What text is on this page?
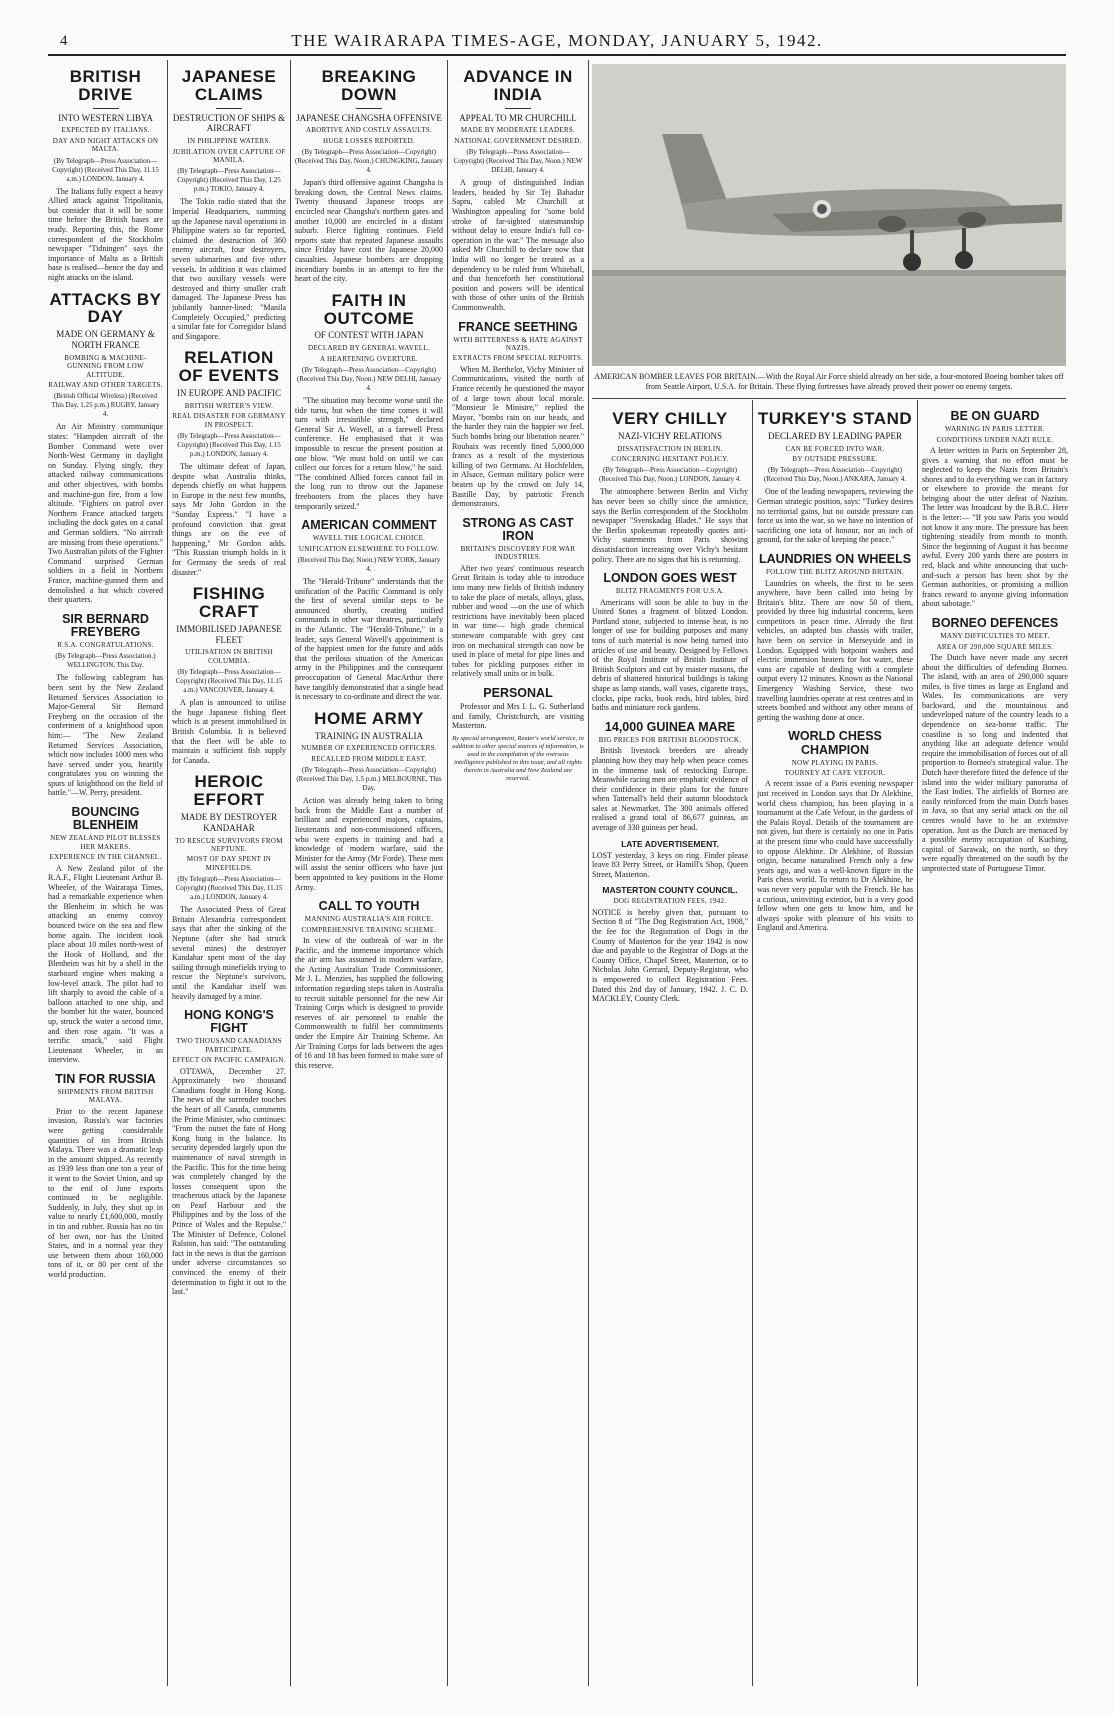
4	THE WAIRARAPA TIMES-AGE, MONDAY, JANUARY 5, 1942.
BRITISH DRIVE
INTO WESTERN LIBYA
EXPECTED BY ITALIANS.
DAY AND NIGHT ATTACKS ON MALTA.
(By Telegraph—Press Association—Copyright) (Received This Day, 11.15 a.m.) LONDON, January 4.
The Italians fully expect a heavy Allied attack against Tripolitania, but consider that it will be some time before the British bases are ready. Reporting this, the Rome correspondent of the Stockholm newspaper "Tidningen" says the importance of Malta as a British base is realised—hence the day and night attacks on the island.
ATTACKS BY DAY
MADE ON GERMANY & NORTH FRANCE
BOMBING & MACHINE-GUNNING FROM LOW ALTITUDE.
RAILWAY AND OTHER TARGETS.
(British Official Wireless) (Received This Day, 1.25 p.m.) RUGBY, January 4.
An Air Ministry communique states: "Hampden aircraft of the Bomber Command were over North-West Germany in daylight on Sunday. Flying singly, they attacked railway communications and other objectives, with bombs and machine-gun fire, from a low altitude. "Fighters on patrol over Northern France attacked targets including the dock gates on a canal and German soldiers. "No aircraft are missing from these operations." Two Australian pilots of the Fighter Command surprised German soldiers in a field in Northern France, machine-gunned them and demolished a hut which covered their quarters.
SIR BERNARD FREYBERG
R.S.A. CONGRATULATIONS.
(By Telegraph—Press Association.) WELLINGTON, This Day.
The following cablegram has been sent by the New Zealand Returned Services Association to Major-General Sir Bernard Freyberg on the occasion of the conferment of a knighthood upon him:— "The New Zealand Returned Services Association, which now includes 1000 men who have served under you, heartily congratulates you on winning the spurs of knighthood on the field of battle."—W. Perry, president.
BOUNCING BLENHEIM
NEW ZEALAND PILOT BLESSES HER MAKERS.
EXPERIENCE IN THE CHANNEL.
A New Zealand pilot of the R.A.F., Flight Lieutenant Arthur B. Wheeler, of the Wairarapa Times, had a remarkable experience when the Blenheim in which he was attacking an enemy convoy bounced twice on the sea and flew home again. The incident took place about 10 miles north-west of the Hook of Holland, and the Blenheim was hit by a shell in the starboard engine when making a low-level attack. The pilot had to lift sharply to avoid the cable of a balloon attached to one ship, and the bomber hit the water, bounced up, struck the water a second time, and then rose again. "It was a terrific smack," said Flight Lieutenant Wheeler, in an interview.
TIN FOR RUSSIA
SHIPMENTS FROM BRITISH MALAYA.
Prior to the recent Japanese invasion, Russia's war factories were getting considerable quantities of tin from British Malaya. There was a dramatic leap in the amount shipped. As recently as 1939 less than one ton a year of it went to the Soviet Union, and up to the end of June exports continued to be negligible. Suddenly, in July, they shot up in value to nearly £1,600,000, mostly in tin and rubber. Russia has no tin of her own, nor has the United States, and in a normal year they use between them about 160,000 tons of it, or 80 per cent of the world production.
JAPANESE CLAIMS
DESTRUCTION OF SHIPS & AIRCRAFT
IN PHILIPPINE WATERS.
JUBILATION OVER CAPTURE OF MANILA.
(By Telegraph—Press Association—Copyright) (Received This Day, 1.25 p.m.) TOKIO, January 4.
The Tokio radio stated that the Imperial Headquarters, summing up the Japanese naval operations in Philippine waters so far reported, claimed the destruction of 360 enemy aircraft, four destroyers, seven submarines and five other vessels. In addition it was claimed that two auxiliary vessels were destroyed and thirty smaller craft damaged. The Japanese Press has jubilantly banner-lined: "Manila Completely Occupied," predicting a similar fate for Corregidor Island and Singapore.
RELATION OF EVENTS
IN EUROPE AND PACIFIC
BRITISH WRITER'S VIEW.
REAL DISASTER FOR GERMANY IN PROSPECT.
(By Telegraph—Press Association—Copyright) (Received This Day, 1.15 p.m.) LONDON, January 4.
The ultimate defeat of Japan, despite what Australia thinks, depends chiefly on what happens in Europe in the next few months, says Mr John Gordon in the "Sunday Express." "I have a profound conviction that great things are on the eve of happening," Mr Gordon adds. "This Russian triumph holds in it for Germany the seeds of real disaster."
FISHING CRAFT
IMMOBILISED JAPANESE FLEET
UTILISATION IN BRITISH COLUMBIA.
(By Telegraph—Press Association—Copyright) (Received This Day, 11.15 a.m.) VANCOUVER, January 4.
A plan is announced to utilise the huge Japanese fishing fleet which is at present immobilised in British Columbia. It is believed that the fleet will be able to maintain a sufficient fish supply for Canada.
HEROIC EFFORT
MADE BY DESTROYER KANDAHAR
TO RESCUE SURVIVORS FROM NEPTUNE.
MOST OF DAY SPENT IN MINEFIELDS.
(By Telegraph—Press Association—Copyright) (Received This Day, 11.15 a.m.) LONDON, January 4.
The Associated Press of Great Britain Alexandria correspondent says that after the sinking of the Neptune (after she had struck several mines) the destroyer Kandahar spent most of the day sailing through minefields trying to rescue the Neptune's survivors, until the Kandahar itself was heavily damaged by a mine.
HONG KONG'S FIGHT
TWO THOUSAND CANADIANS PARTICIPATE.
EFFECT ON PACIFIC CAMPAIGN.
OTTAWA, December 27. Approximately two thousand Canadians fought in Hong Kong. The news of the surrender touches the heart of all Canada, comments the Prime Minister, who continues: "From the outset the fate of Hong Kong hung in the balance. Its security depended largely upon the maintenance of naval strength in the Pacific. This for the time being was completely changed by the losses consequent upon the treacherous attack by the Japanese on Pearl Harbour and the Philippines and by the loss of the Prince of Wales and the Repulse." The Minister of Defence, Colonel Ralston, has said: "The outstanding fact in the news is that the garrison under adverse circumstances so convinced the enemy of their determination to fight it out to the last."
BREAKING DOWN
JAPANESE CHANGSHA OFFENSIVE
ABORTIVE AND COSTLY ASSAULTS.
HUGE LOSSES REPORTED.
(By Telegraph—Press Association—Copyright) (Received This Day, Noon.) CHUNGKING, January 4.
Japan's third offensive against Changsha is breaking down, the Central News claims. Twenty thousand Japanese troops are encircled near Changsha's northern gates and another 10,000 are encircled in a distant suburb. Fierce fighting continues. Field reports state that repeated Japanese assaults since Friday have cost the Japanese 20,000 casualties. Japanese bombers are dropping incendiary bombs in an attempt to fire the heart of the city.
FAITH IN OUTCOME
OF CONTEST WITH JAPAN
DECLARED BY GENERAL WAVELL.
A HEARTENING OVERTURE.
(By Telegraph—Press Association—Copyright) (Received This Day, Noon.) NEW DELHI, January 4.
"The situation may become worse until the tide turns, but when the time comes it will turn with irresistible strength," declared General Sir A. Wavell, at a farewell Press conference. He emphasised that it was impossible to rescue the present position at one blow. "We must hold on until we can collect our forces for a return blow," he said. "The combined Allied forces cannot fail in the long run to throw out the Japanese freebooters from the places they have temporarily seized."
AMERICAN COMMENT
WAVELL THE LOGICAL CHOICE.
UNIFICATION ELSEWHERE TO FOLLOW.
(Received This Day, Noon.) NEW YORK, January 4.
The "Herald-Tribune" understands that the unification of the Pacific Command is only the first of several similar steps to be announced shortly, creating unified commands in other war theatres, particularly in the Atlantic. The "Herald-Tribune," in a leader, says General Wavell's appointment is of the happiest omen for the future and adds that the perilous situation of the American army in the Philippines and the consequent preoccupation of General MacArthur there have tangibly demonstrated that a single head is necessary to co-ordinate and direct the war.
HOME ARMY
TRAINING IN AUSTRALIA
NUMBER OF EXPERIENCED OFFICERS.
RECALLED FROM MIDDLE EAST.
(By Telegraph—Press Association—Copyright) (Received This Day, 1.5 p.m.) MELBOURNE, This Day.
Action was already being taken to bring back from the Middle East a number of brilliant and experienced majors, captains, lieutenants and non-commissioned officers, who were experts in training and had a knowledge of modern warfare, said the Minister for the Army (Mr Forde). These men will assist the senior officers who have just been appointed to key positions in the Home Army.
CALL TO YOUTH
MANNING AUSTRALIA'S AIR FORCE.
COMPREHENSIVE TRAINING SCHEME.
In view of the outbreak of war in the Pacific, and the immense importance which the air arm has assumed in modern warfare, the Acting Australian Trade Commissioner, Mr J. L. Menzies, has supplied the following information regarding steps taken in Australia to recruit suitable personnel for the new Air Training Corps which is designed to provide reserves of air personnel to enable the Commonwealth to fulfil her commitments under the Empire Air Training Scheme. An Air Training Corps for lads between the ages of 16 and 18 has been formed to make sure of this reserve.
ADVANCE IN INDIA
APPEAL TO MR CHURCHILL
MADE BY MODERATE LEADERS.
NATIONAL GOVERNMENT DESIRED.
(By Telegraph—Press Association—Copyright) (Received This Day, Noon.) NEW DELHI, January 4.
A group of distinguished Indian leaders, headed by Sir Tej Bahadur Sapru, cabled Mr Churchill at Washington appealing for "some bold stroke of far-sighted statesmanship without delay to ensure India's full co-operation in the war." The message also asked Mr Churchill to declare now that India will no longer be treated as a dependency to be ruled from Whitehall, and that henceforth her constitutional position and powers will be identical with those of other units of the British Commonwealth.
FRANCE SEETHING
WITH BITTERNESS & HATE AGAINST NAZIS.
EXTRACTS FROM SPECIAL REPORTS.
When M. Berthelot, Vichy Minister of Communications, visited the north of France recently he questioned the mayor of a large town about local morale. "Monsieur le Ministre," replied the Mayor, "bombs rain on our heads, and the harder they rain the happier we feel. Such bombs bring our liberation nearer." Roubaix was recently fined 5,000,000 francs as a result of the mysterious killing of two Germans. At Hochfelden, in Alsace, German military police were beaten up by the crowd on July 14, Bastille Day, by patriotic French demonstrators.
STRONG AS CAST IRON
BRITAIN'S DISCOVERY FOR WAR INDUSTRIES.
After two years' continuous research Great Britain is today able to introduce into many new fields of British industry to take the place of metals, alloys, glass, rubber and wood —on the use of which restrictions have inevitably been placed in war time— high grade chemical stoneware comparable with grey cast iron on mechanical strength can now be used in place of metal for pipe lines and tubes for pickling purposes either in relatively small units or in bulk.
PERSONAL
Professor and Mrs I. L. G. Sutherland and family, Christchurch, are visiting Masterton.
By special arrangement, Reuter's world service, in addition to other special sources of information, is used in the compilation of the overseas intelligence published in this issue, and all rights therein in Australia and New Zealand are reserved.
AMERICAN BOMBER LEAVES FOR BRITAIN.—With the Royal Air Force shield already on her side, a four-motored Boeing bomber takes off from Seattle Airport, U.S.A. for Britain. These flying fortresses have already proved their power on enemy targets.
VERY CHILLY
NAZI-VICHY RELATIONS
DISSATISFACTION IN BERLIN.
CONCERNING HESITANT POLICY.
(By Telegraph—Press Association—Copyright) (Received This Day, Noon.) LONDON, January 4.
The atmosphere between Berlin and Vichy has never been so chilly since the armistice, says the Berlin correspondent of the Stockholm newspaper "Svenskadag Bladet." He says that the Berlin spokesman repeatedly quotes anti-Vichy statements from Paris showing dissatisfaction increasing over Vichy's hesitant policy. There are no signs that his is returning.
LONDON GOES WEST
BLITZ FRAGMENTS FOR U.S.A.
Americans will soon be able to buy in the United States a fragment of blitzed London. Portland stone, subjected to intense heat, is no longer of use for building purposes and many tons of such material is now being turned into articles of use and beauty. Designed by Fellows of the Royal Institute of British Institute of British Sculptors and cut by master masons, the debris of shattered historical buildings is taking shape as lamp stands, wall vases, cigarette trays, clocks, pipe racks, book ends, bird tables, bird baths and miniature rock gardens.
14,000 GUINEA MARE
BIG PRICES FOR BRITISH BLOODSTOCK.
British livestock breeders are already planning how they may help when peace comes in the immense task of restocking Europe. Meanwhile racing men are emphatic evidence of their confidence in their plans for the future when Tattersall's held their autumn bloodstock sales at Newmarket. The 300 animals offered realised a grand total of 86,677 guineas, an average of 330 guineas per head.
LATE ADVERTISEMENT.
LOST yesterday, 3 keys on ring. Finder please leave 83 Perry Street, or Hamill's Shop, Queen Street, Masterton.
MASTERTON COUNTY COUNCIL.
DOG REGISTRATION FEES, 1942.
NOTICE is hereby given that, pursuant to Section 8 of "The Dog Registration Act, 1908," the fee for the Registration of Dogs in the County of Masterton for the year 1942 is now due and payable to the Registrar of Dogs at the County Office, Chapel Street, Masterton, or to Nicholas John Gerrard, Deputy-Registrar, who is empowered to collect Registration Fees. Dated this 2nd day of January, 1942. J. C. D. MACKLEY, County Clerk.
TURKEY'S STAND
DECLARED BY LEADING PAPER
CAN BE FORCED INTO WAR.
BY OUTSIDE PRESSURE.
(By Telegraph—Press Association—Copyright) (Received This Day, Noon.) ANKARA, January 4.
One of the leading newspapers, reviewing the German strategic position, says: "Turkey desires no territorial gains, but no outside pressure can force us into the war, so we have no intention of sacrificing one iota of honour, nor an inch of ground, for the sake of keeping the peace."
LAUNDRIES ON WHEELS
FOLLOW THE BLITZ AROUND BRITAIN.
Laundries on wheels, the first to be seen anywhere, have been called into being by Britain's blitz. There are now 50 of them, provided by three big industrial concerns, keen competitors in peace time. Already the first vehicles, an adapted bus chassis with trailer, have been on service in Merseyside and in London. Equipped with hotpoint washers and electric immersion heaters for hot water, these vans are capable of dealing with a complete output every 12 minutes. Known as the National Emergency Washing Service, these two travelling laundries operate at rest centres and in streets bombed and without any other means of getting the washing done at once.
WORLD CHESS CHAMPION
NOW PLAYING IN PARIS.
TOURNEY AT CAFE VEFOUR.
A recent issue of a Paris evening newspaper just received in London says that Dr Alekhine, world chess champion, has been playing in a tournament at the Cafe Vefour, in the gardens of the Palais Royal. Details of the tournament are not given, but there is certainly no one in Paris at the present time who could have successfully to oppose Alekhine. Dr Alekhine, of Russian origin, became naturalised French only a few years ago, and was a well-known figure in the Paris chess world. To return to Dr Alekhine, he was never very popular with the French. He has a curious, uninviting exterior, but is a very good fellow when one gets to know him, and he always spoke with pleasure of his visits to England and America.
BE ON GUARD
WARNING IN PARIS LETTER.
CONDITIONS UNDER NAZI RULE.
A letter written in Paris on September 28, gives a warning that no effort must be neglected to keep the Nazis from Britain's shores and to do everything we can in factory or elsewhere to provide the means for bringing about the utter defeat of Nazism. The letter was broadcast by the B.B.C. Here is the letter:— "If you saw Paris you would not know it any more. The pressure has been tightening steadily from month to month. Since the beginning of August it has become awful. Every 200 yards there are posters in red, black and white announcing that such-and-such a person has been shot by the German authorities, or promising a million francs reward to anyone giving information about sabotage."
BORNEO DEFENCES
MANY DIFFICULTIES TO MEET.
AREA OF 290,000 SQUARE MILES.
The Dutch have never made any secret about the difficulties of defending Borneo. The island, with an area of 290,000 square miles, is five times as large as England and Wales. Its communications are very backward, and the mountainous and undeveloped nature of the country leads to a dependence on sea-borne traffic. The coastline is so long and indented that anything like an adequate defence would require the immobilisation of forces out of all proportion to Borneo's strategical value. The Dutch have therefore fitted the defence of the island into the wider military panorama of the East Indies. The airfields of Borneo are easily reinforced from the main Dutch bases in Java, so that any serial attack on the oil centres would have to be an extensive operation. Just as the Dutch are menaced by a possible enemy occupation of Kuching, capital of Sarawak, on the north, so they were equally threatened on the south by the unprotected state of Portuguese Timor.
